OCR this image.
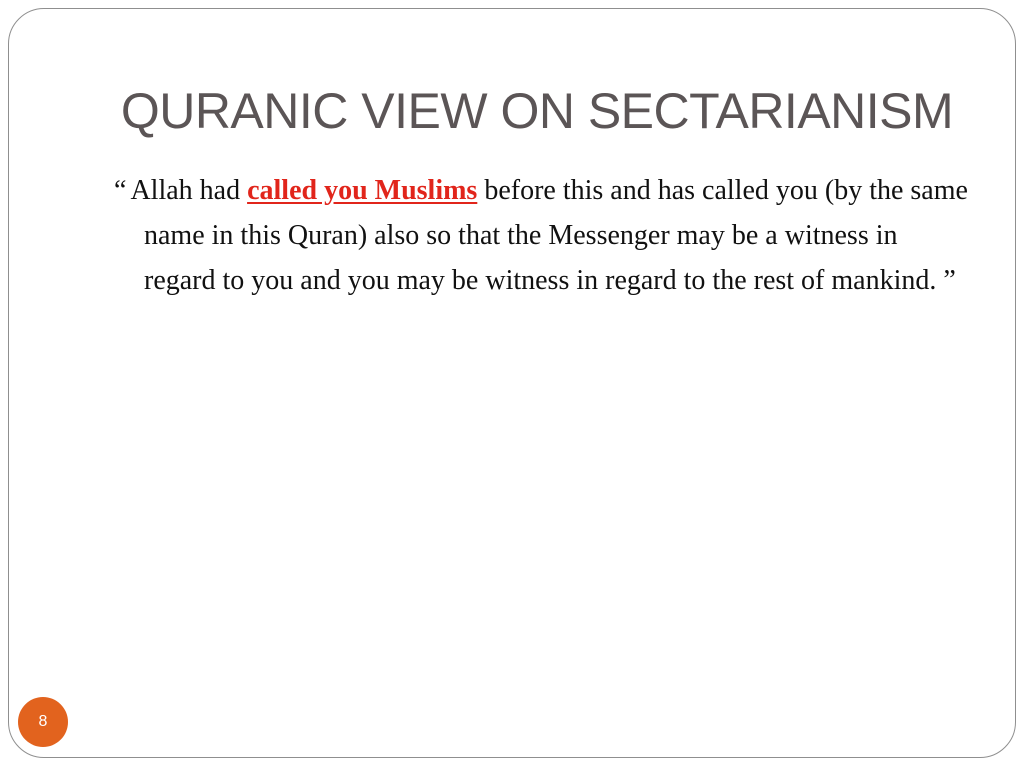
QURANIC VIEW ON SECTARIANISM
“ Allah had called you Muslims before this and has called you (by the same name in this Quran) also so that the Messenger may be a witness in regard to you and you may be witness in regard to the rest of mankind. ”
8
